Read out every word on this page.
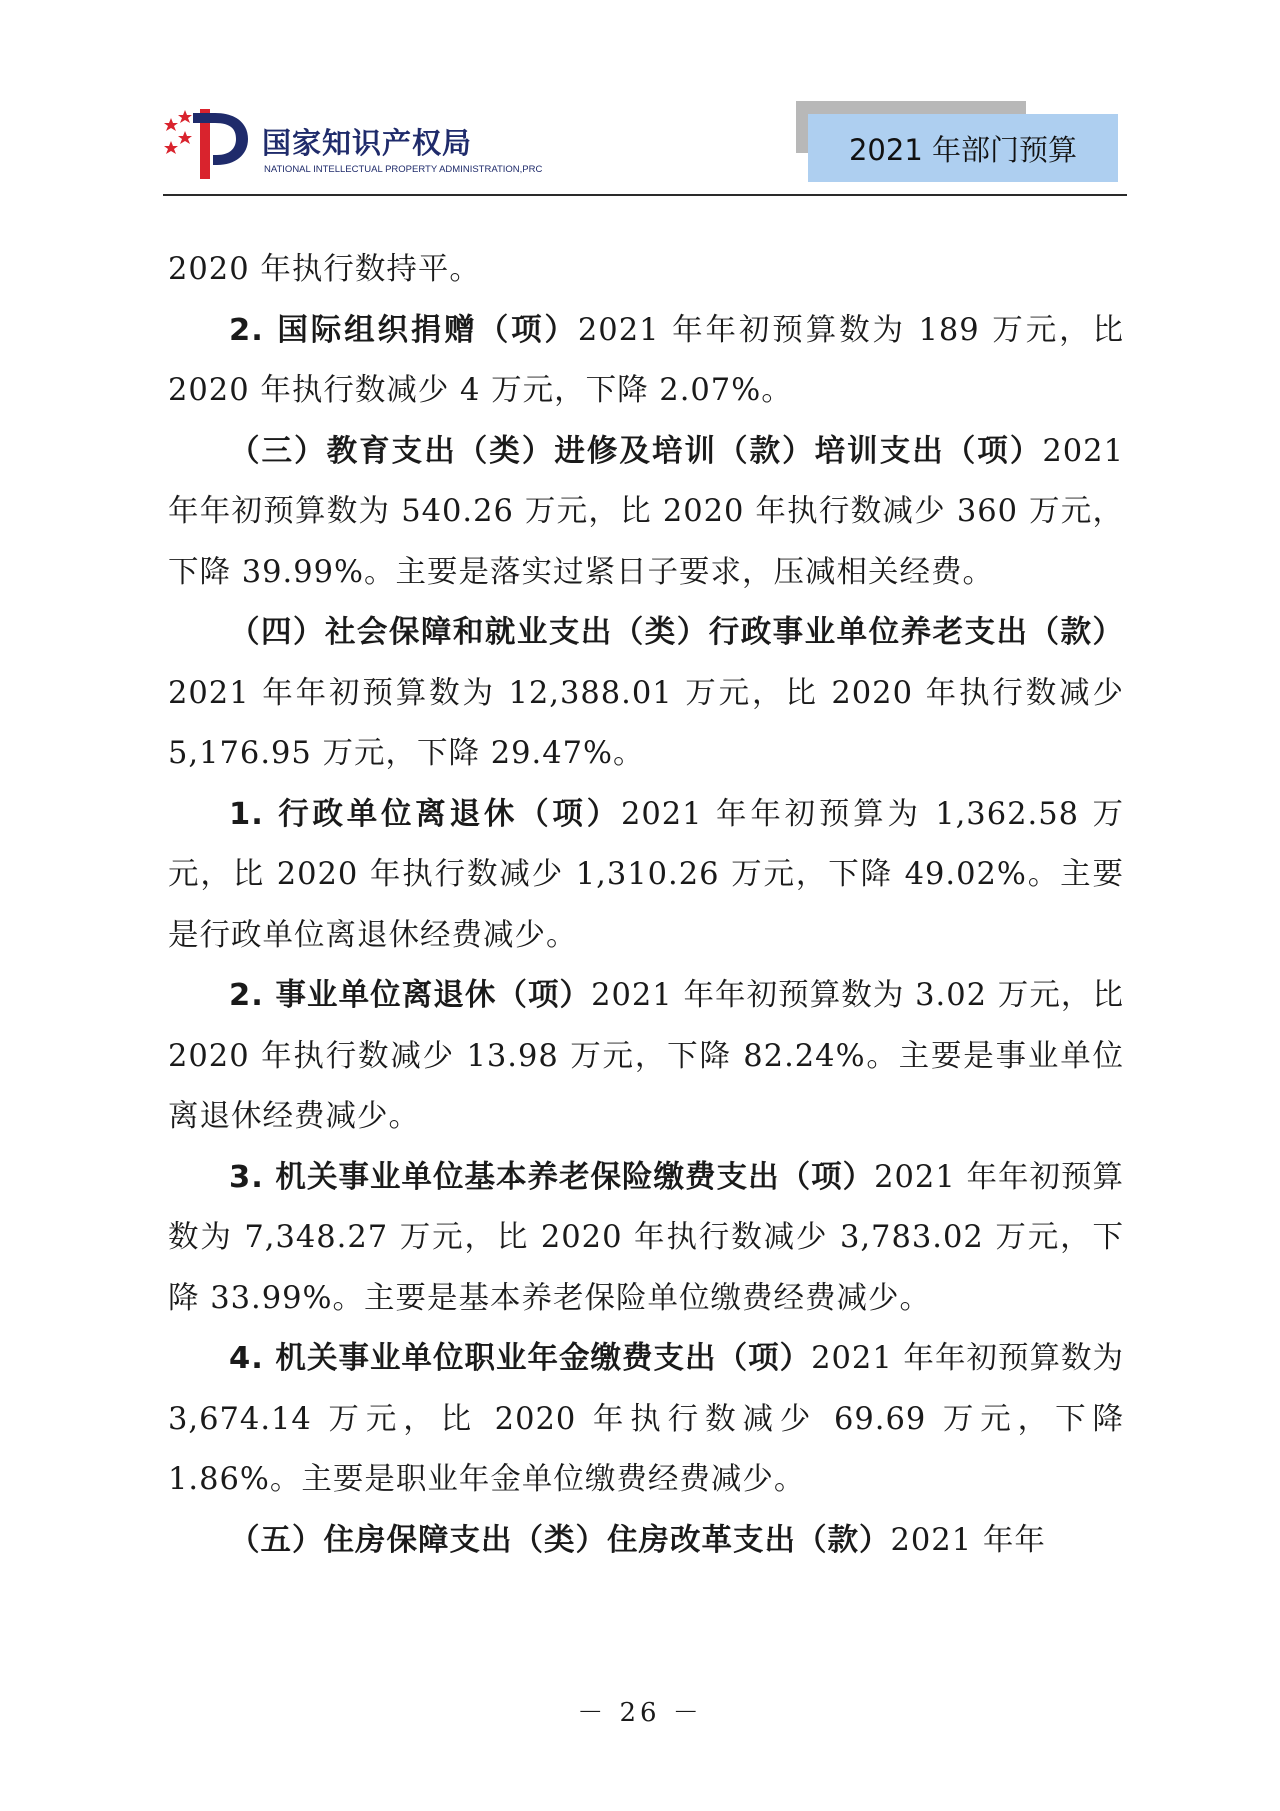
国家知识产权局
NATIONAL INTELLECTUAL PROPERTY ADMINISTRATION,PRC
2021 年部门预算

2020 年执行数持平。

2. 国际组织捐赠（项）2021 年年初预算数为 189 万元，比 2020 年执行数减少 4 万元，下降 2.07%。

（三）教育支出（类）进修及培训（款）培训支出（项）2021 年年初预算数为 540.26 万元，比 2020 年执行数减少 360 万元，下降 39.99%。主要是落实过紧日子要求，压减相关经费。

（四）社会保障和就业支出（类）行政事业单位养老支出（款）2021 年年初预算数为 12,388.01 万元，比 2020 年执行数减少 5,176.95 万元，下降 29.47%。

1. 行政单位离退休（项）2021 年年初预算为 1,362.58 万元，比 2020 年执行数减少 1,310.26 万元，下降 49.02%。主要是行政单位离退休经费减少。

2. 事业单位离退休（项）2021 年年初预算数为 3.02 万元，比 2020 年执行数减少 13.98 万元，下降 82.24%。主要是事业单位离退休经费减少。

3. 机关事业单位基本养老保险缴费支出（项）2021 年年初预算数为 7,348.27 万元，比 2020 年执行数减少 3,783.02 万元，下降 33.99%。主要是基本养老保险单位缴费经费减少。

4. 机关事业单位职业年金缴费支出（项）2021 年年初预算数为 3,674.14 万元，比 2020 年执行数减少 69.69 万元，下降 1.86%。主要是职业年金单位缴费经费减少。

（五）住房保障支出（类）住房改革支出（款）2021 年年

－ 26 －
